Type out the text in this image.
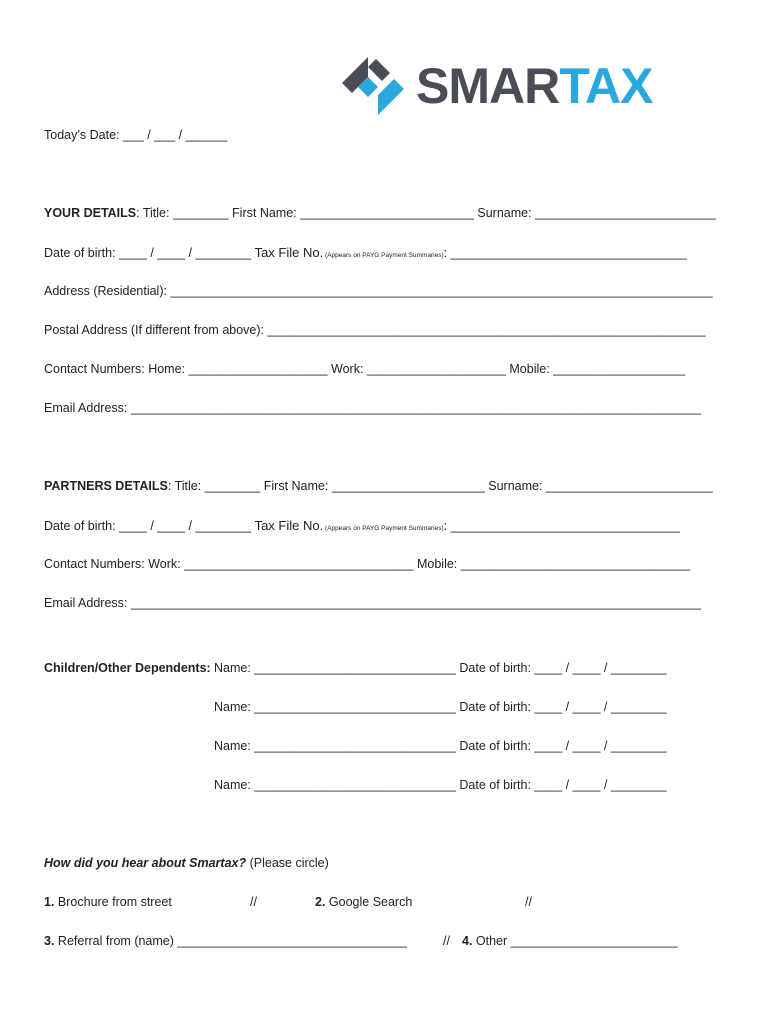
SMARTAX
Today’s Date: ___ / ___ / ______
YOUR DETAILS: Title: ________ First Name: _________________________ Surname: __________________________
Date of birth: ____ / ____ / ________ Tax File No. (Appears on PAYG Payment Summaries): __________________________________
Address (Residential): ______________________________________________________________________________
Postal Address (If different from above): _______________________________________________________________
Contact Numbers: Home: ____________________ Work: ____________________ Mobile: ___________________
Email Address: __________________________________________________________________________________
PARTNERS DETAILS: Title: ________ First Name: ______________________ Surname: ________________________
Date of birth: ____ / ____ / ________ Tax File No. (Appears on PAYG Payment Summaries): _________________________________
Contact Numbers: Work: _________________________________ Mobile: _________________________________
Email Address: __________________________________________________________________________________
Children/Other Dependents: Name: _____________________________ Date of birth: ____ / ____ / ________
Name: _____________________________ Date of birth: ____ / ____ / ________
Name: _____________________________ Date of birth: ____ / ____ / ________
Name: _____________________________ Date of birth: ____ / ____ / ________
How did you hear about Smartax? (Please circle)
1. Brochure from street	//	2. Google Search	//
3. Referral from (name) _________________________________	// 4. Other ________________________
